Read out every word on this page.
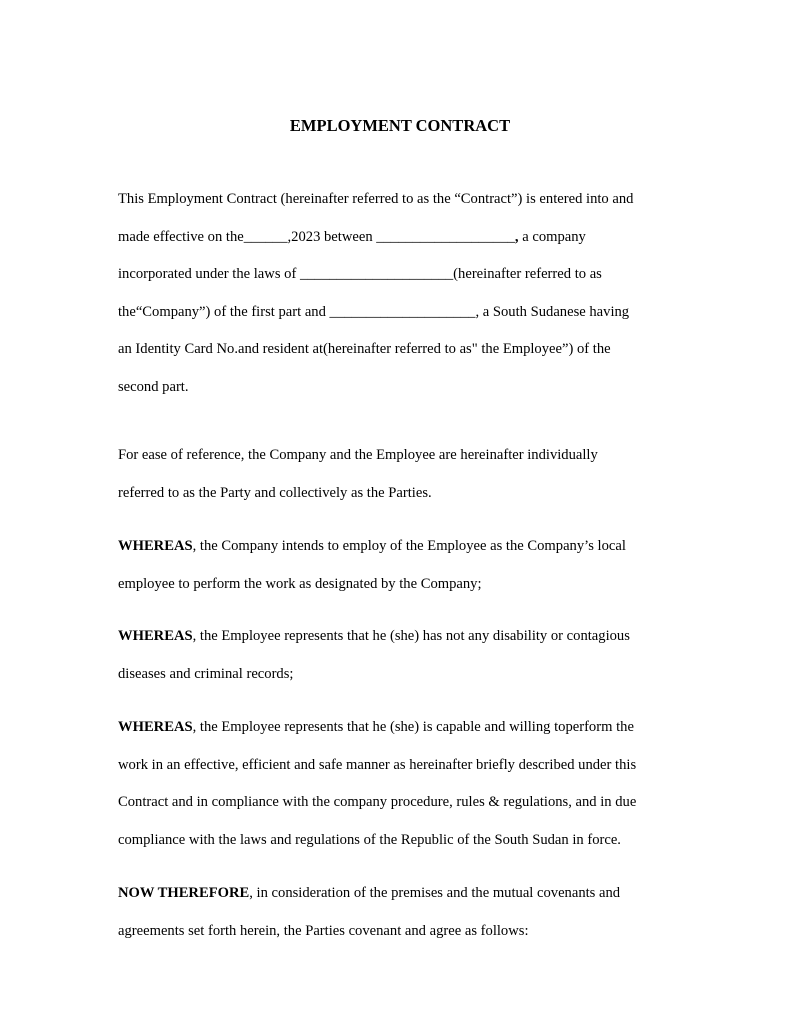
EMPLOYMENT CONTRACT
This Employment Contract (hereinafter referred to as the “Contract”) is entered into and
made effective on the______,2023 between ___________________, a company
incorporated under the laws of _____________________(hereinafter referred to as
the“Company”) of the first part and ____________________, a South Sudanese having
an Identity Card No.and resident at(hereinafter referred to as" the Employee”) of the
second part.
For ease of reference, the Company and the Employee are hereinafter individually
referred to as the Party and collectively as the Parties.
WHEREAS, the Company intends to employ of the Employee as the Company’s local
employee to perform the work as designated by the Company;
WHEREAS, the Employee represents that he (she) has not any disability or contagious
diseases and criminal records;
WHEREAS, the Employee represents that he (she) is capable and willing toperform the
work in an effective, efficient and safe manner as hereinafter briefly described under this
Contract and in compliance with the company procedure, rules & regulations, and in due
compliance with the laws and regulations of the Republic of the South Sudan in force.
NOW THEREFORE, in consideration of the premises and the mutual covenants and
agreements set forth herein, the Parties covenant and agree as follows:
